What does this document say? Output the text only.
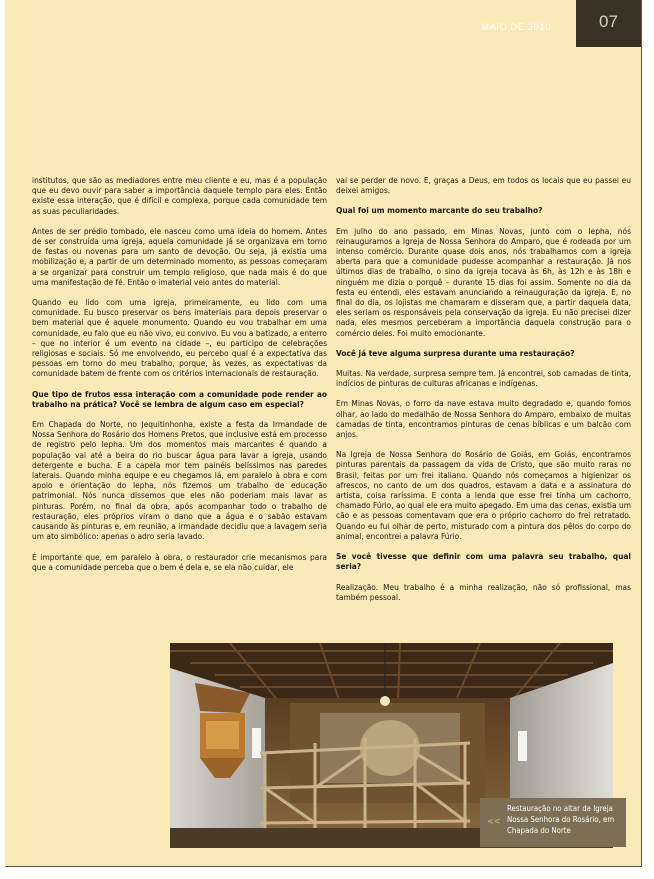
MAIO DE 2010	07

institutos, que são as mediadores entre meu cliente e eu, mas é a população que eu devo ouvir para saber a importância daquele templo para eles. Então existe essa interação, que é difícil e complexa, porque cada comunidade tem as suas peculiaridades.

Antes de ser prédio tombado, ele nasceu como uma ideia do homem. Antes de ser construída uma igreja, aquela comunidade já se organizava em torno de festas ou novenas para um santo de devoção. Ou seja, já existia uma mobilização e, a partir de um determinado momento, as pessoas começaram a se organizar para construir um templo religioso, que nada mais é do que uma manifestação de fé. Então o imaterial veio antes do material.

Quando eu lido com uma igreja, primeiramente, eu lido com uma comunidade. Eu busco preservar os bens imateriais para depois preservar o bem material que é aquele monumento. Quando eu vou trabalhar em uma comunidade, eu falo que eu não vivo, eu convivo. Eu vou a batizado, a enterro – que no interior é um evento na cidade –, eu participo de celebrações religiosas e sociais. Só me envolvendo, eu percebo qual é a expectativa das pessoas em torno do meu trabalho, porque, às vezes, as expectativas da comunidade batem de frente com os critérios internacionais de restauração.

Que tipo de frutos essa interação com a comunidade pode render ao trabalho na prática? Você se lembra de algum caso em especial?

Em Chapada do Norte, no Jequitinhonha, existe a festa da Irmandade de Nossa Senhora do Rosário dos Homens Pretos, que inclusive está em processo de registro pelo Iepha. Um dos momentos mais marcantes é quando a população vai até a beira do rio buscar água para lavar a igreja, usando detergente e bucha. E a capela mor tem painéis belíssimos nas paredes laterais. Quando minha equipe e eu chegamos lá, em paralelo à obra e com apoio e orientação do Iepha, nós fizemos um trabalho de educação patrimonial. Nós nunca dissemos que eles não poderiam mais lavar as pinturas. Porém, no final da obra, após acompanhar todo o trabalho de restauração, eles próprios viram o dano que a água e o sabão estavam causando às pinturas e, em reunião, a irmandade decidiu que a lavagem seria um ato simbólico: apenas o adro seria lavado.

É importante que, em paralelo à obra, o restaurador crie mecanismos para que a comunidade perceba que o bem é dela e, se ela não cuidar, ele

vai se perder de novo. E, graças a Deus, em todos os locais que eu passei eu deixei amigos.

Qual foi um momento marcante do seu trabalho?

Em julho do ano passado, em Minas Novas, junto com o Iepha, nós reinauguramos a Igreja de Nossa Senhora do Amparo, que é rodeada por um intenso comércio. Durante quase dois anos, nós trabalhamos com a igreja aberta para que a comunidade pudesse acompanhar a restauração. Já nos últimos dias de trabalho, o sino da igreja tocava às 6h, às 12h e às 18h e ninguém me dizia o porquê – durante 15 dias foi assim. Somente no dia da festa eu entendi, eles estavam anunciando a reinauguração da igreja. E, no final do dia, os lojistas me chamaram e disseram que, a partir daquela data, eles seriam os responsáveis pela conservação da igreja. Eu não precisei dizer nada, eles mesmos perceberam a importância daquela construção para o comércio deles. Foi muito emocionante.

Você já teve alguma surpresa durante uma restauração?

Muitas. Na verdade, surpresa sempre tem. Já encontrei, sob camadas de tinta, indícios de pinturas de culturas africanas e indígenas.

Em Minas Novas, o forro da nave estava muito degradado e, quando fomos olhar, ao lado do medalhão de Nossa Senhora do Amparo, embaixo de muitas camadas de tinta, encontramos pinturas de cenas bíblicas e um balcão com anjos.

Na Igreja de Nossa Senhora do Rosário de Goiás, em Goiás, encontramos pinturas parentais da passagem da vida de Cristo, que são muito raras no Brasil, feitas por um frei italiano. Quando nós começamos a higienizar os afrescos, no canto de um dos quadros, estavam a data e a assinatura do artista, coisa raríssima. E conta a lenda que esse frei tinha um cachorro, chamado Fúrio, ao qual ele era muito apegado. Em uma das cenas, existia um cão e as pessoas comentavam que era o próprio cachorro do frei retratado. Quando eu fui olhar de perto, misturado com a pintura dos pêlos do corpo do animal, encontrei a palavra Fúrio.

Se você tivesse que definir com uma palavra seu trabalho, qual seria?

Realização. Meu trabalho é a minha realização, não só profissional, mas também pessoal.

<<
Restauração no altar da Igreja Nossa Senhora do Rosário, em Chapada do Norte
